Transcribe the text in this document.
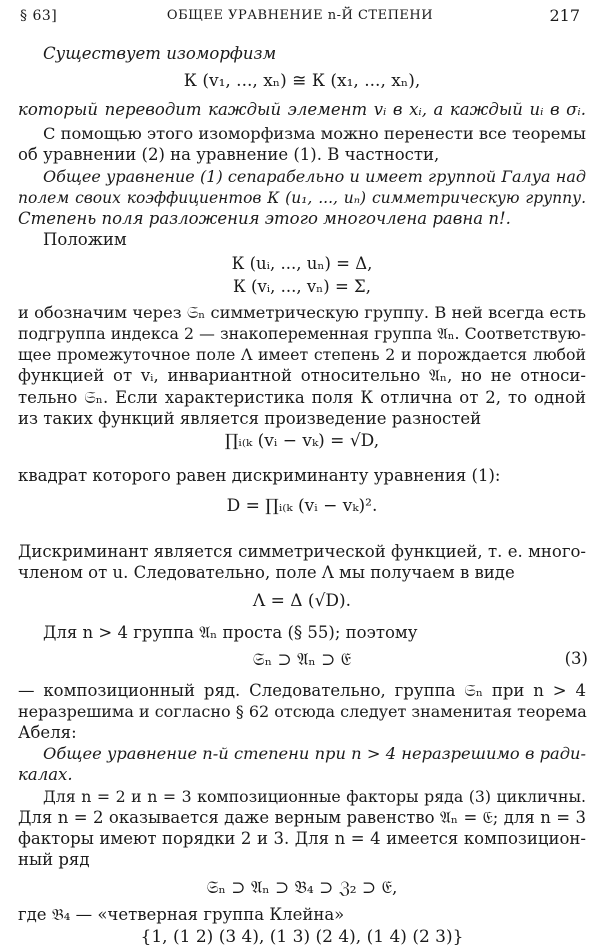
§ 63]	ОБЩЕЕ УРАВНЕНИЕ n-Й СТЕПЕНИ	217
Существует изоморфизм
К (v₁, ..., xₙ) ≅ К (x₁, ..., xₙ),
который переводит каждый элемент vᵢ в xᵢ, а каждый uᵢ в σᵢ.
С помощью этого изоморфизма можно перенести все теоремы
об уравнении (2) на уравнение (1). В частности,
Общее уравнение (1) сепарабельно и имеет группой Галуа над
полем своих коэффициентов К (u₁, ..., uₙ) симметрическую группу.
Степень поля разложения этого многочлена равна n!.
Положим
К (uᵢ, ..., uₙ) = Δ,
К (vᵢ, ..., vₙ) = Σ,
и обозначим через 𝔖ₙ симметрическую группу. В ней всегда есть
подгруппа индекса 2 — знакопеременная группа 𝔄ₙ. Соответствую-
щее промежуточное поле Λ имеет степень 2 и порождается любой
функцией от vᵢ, инвариантной относительно 𝔄ₙ, но не относи-
тельно 𝔖ₙ. Если характеристика поля К отлична от 2, то одной
из таких функций является произведение разностей
∏ᵢ₍ₖ (vᵢ − vₖ) = √D,
квадрат которого равен дискриминанту уравнения (1):
D = ∏ᵢ₍ₖ (vᵢ − vₖ)².
Дискриминант является симметрической функцией, т. е. много-
членом от u. Следовательно, поле Λ мы получаем в виде
Λ = Δ (√D).
Для n > 4 группа 𝔄ₙ проста (§ 55); поэтому
𝔖ₙ ⊃ 𝔄ₙ ⊃ 𝔈	(3)
— композиционный ряд. Следовательно, группа 𝔖ₙ при n > 4
неразрешима и согласно § 62 отсюда следует знаменитая теорема
Абеля:
Общее уравнение n-й степени при n > 4 неразрешимо в ради-
калах.
Для n = 2 и n = 3 композиционные факторы ряда (3) цикличны.
Для n = 2 оказывается даже верным равенство 𝔄ₙ = 𝔈; для n = 3
факторы имеют порядки 2 и 3. Для n = 4 имеется композицион-
ный ряд
𝔖ₙ ⊃ 𝔄ₙ ⊃ 𝔅₄ ⊃ ℨ₂ ⊃ 𝔈,
где 𝔅₄ — «четверная группа Клейна»
{1, (1 2) (3 4), (1 3) (2 4), (1 4) (2 3)}
